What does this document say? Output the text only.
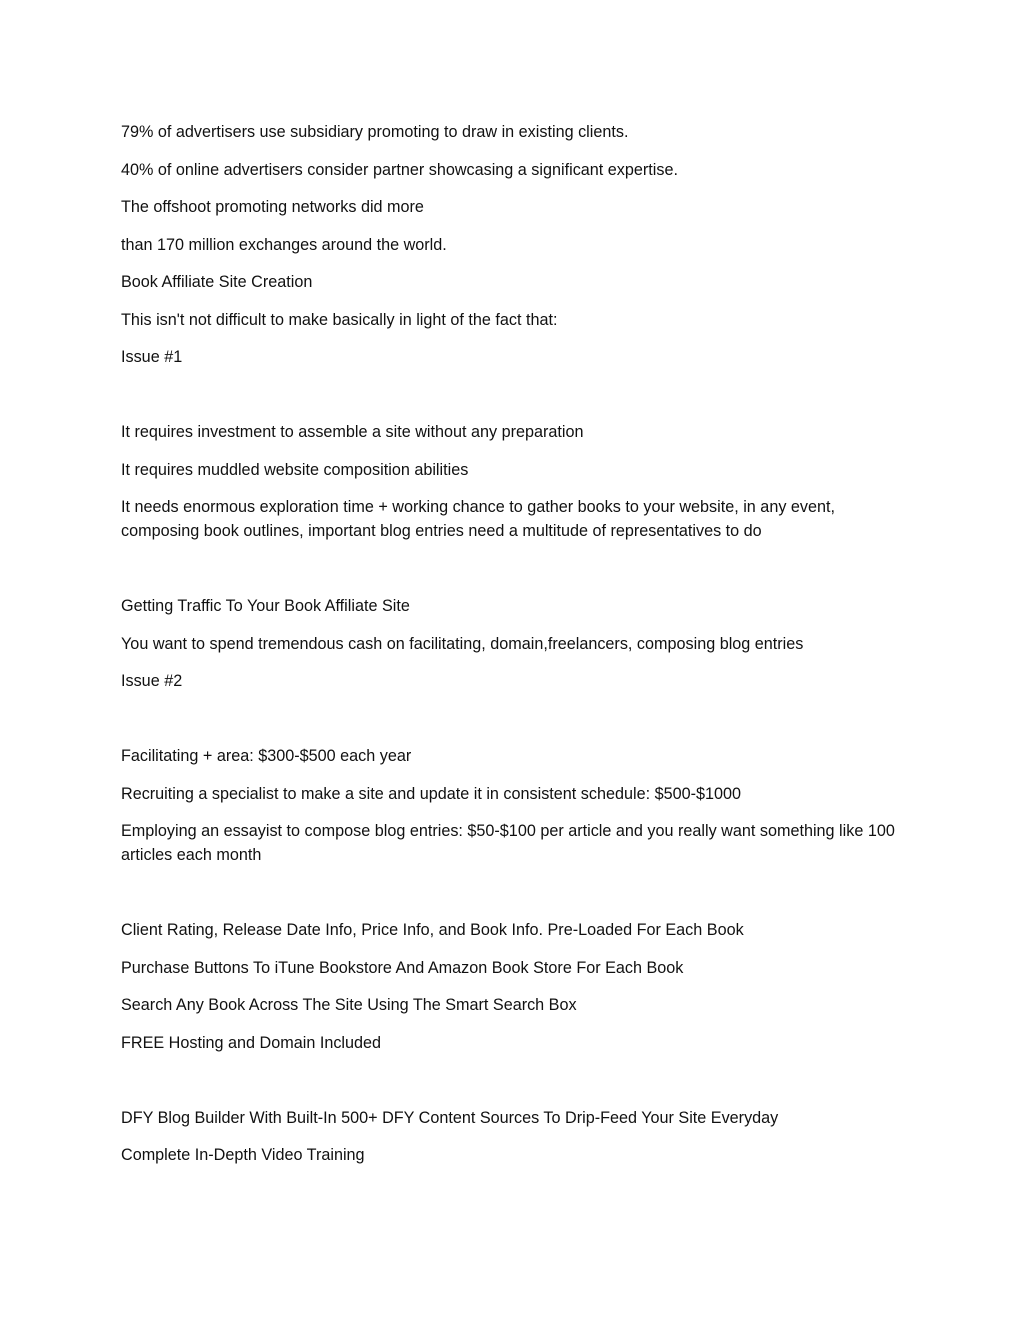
79% of advertisers use subsidiary promoting to draw in existing clients.

40% of online advertisers consider partner showcasing a significant expertise.

The offshoot promoting networks did more

than 170 million exchanges around the world.

Book Affiliate Site Creation

This isn't not difficult to make basically in light of the fact that:

Issue #1

It requires investment to assemble a site without any preparation

It requires muddled website composition abilities

It needs enormous exploration time + working chance to gather books to your website, in any event, composing book outlines, important blog entries need a multitude of representatives to do

Getting Traffic To Your Book Affiliate Site

You want to spend tremendous cash on facilitating, domain,freelancers, composing blog entries

Issue #2

Facilitating + area: $300-$500 each year

Recruiting a specialist to make a site and update it in consistent schedule: $500-$1000

Employing an essayist to compose blog entries: $50-$100 per article and you really want something like 100 articles each month

Client Rating, Release Date Info, Price Info, and Book Info. Pre-Loaded For Each Book

Purchase Buttons To iTune Bookstore And Amazon Book Store For Each Book

Search Any Book Across The Site Using The Smart Search Box

FREE Hosting and Domain Included

DFY Blog Builder With Built-In 500+ DFY Content Sources To Drip-Feed Your Site Everyday

Complete In-Depth Video Training
